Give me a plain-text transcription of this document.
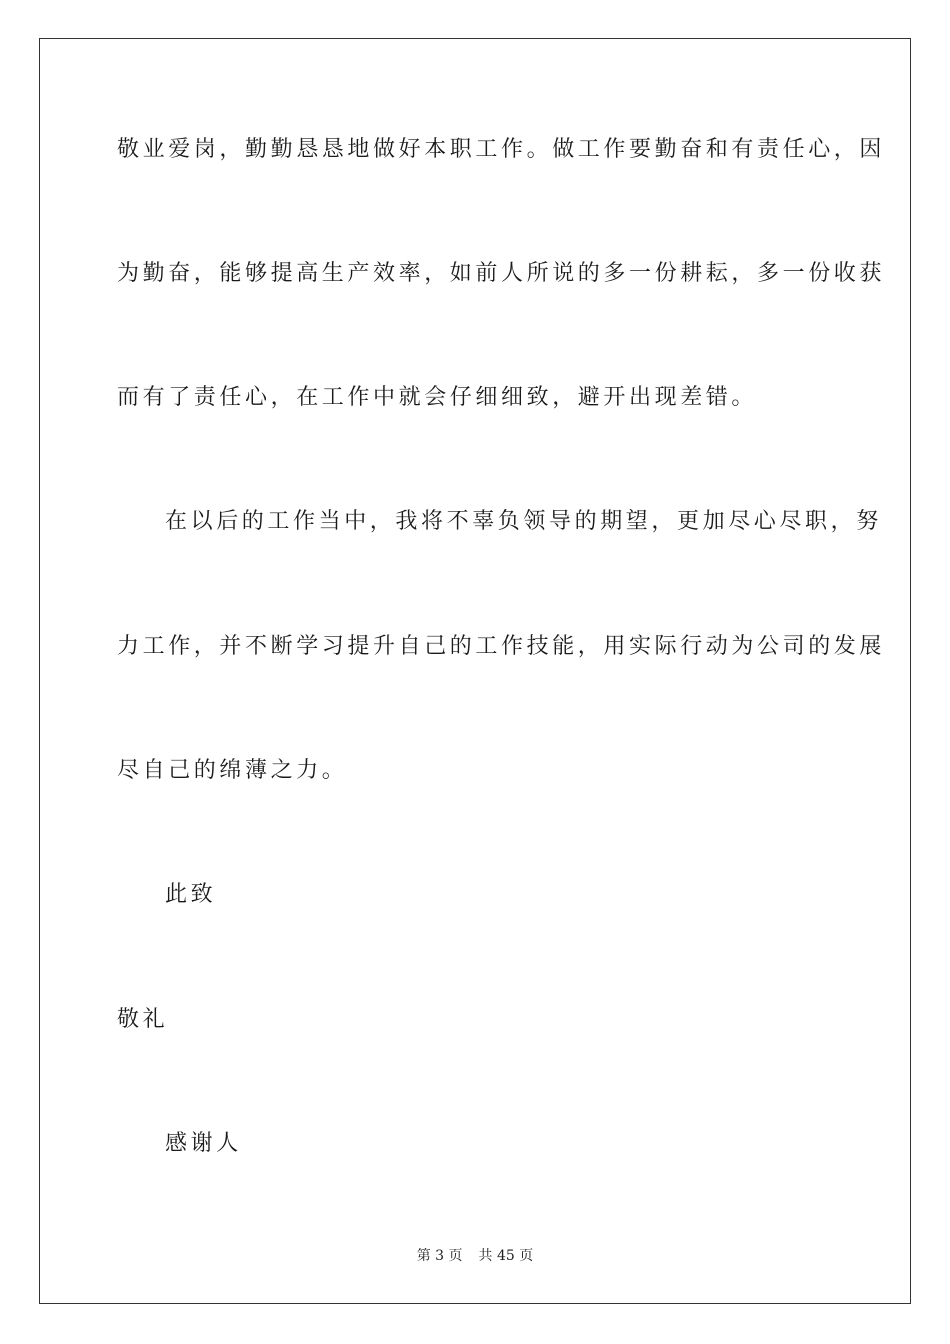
敬业爱岗，勤勤恳恳地做好本职工作。做工作要勤奋和有责任心，因
为勤奋，能够提高生产效率，如前人所说的多一份耕耘，多一份收获
而有了责任心，在工作中就会仔细细致，避开出现差错。
在以后的工作当中，我将不辜负领导的期望，更加尽心尽职，努
力工作，并不断学习提升自己的工作技能，用实际行动为公司的发展
尽自己的绵薄之力。
此致
敬礼
感谢人
第 3 页 共 45 页
